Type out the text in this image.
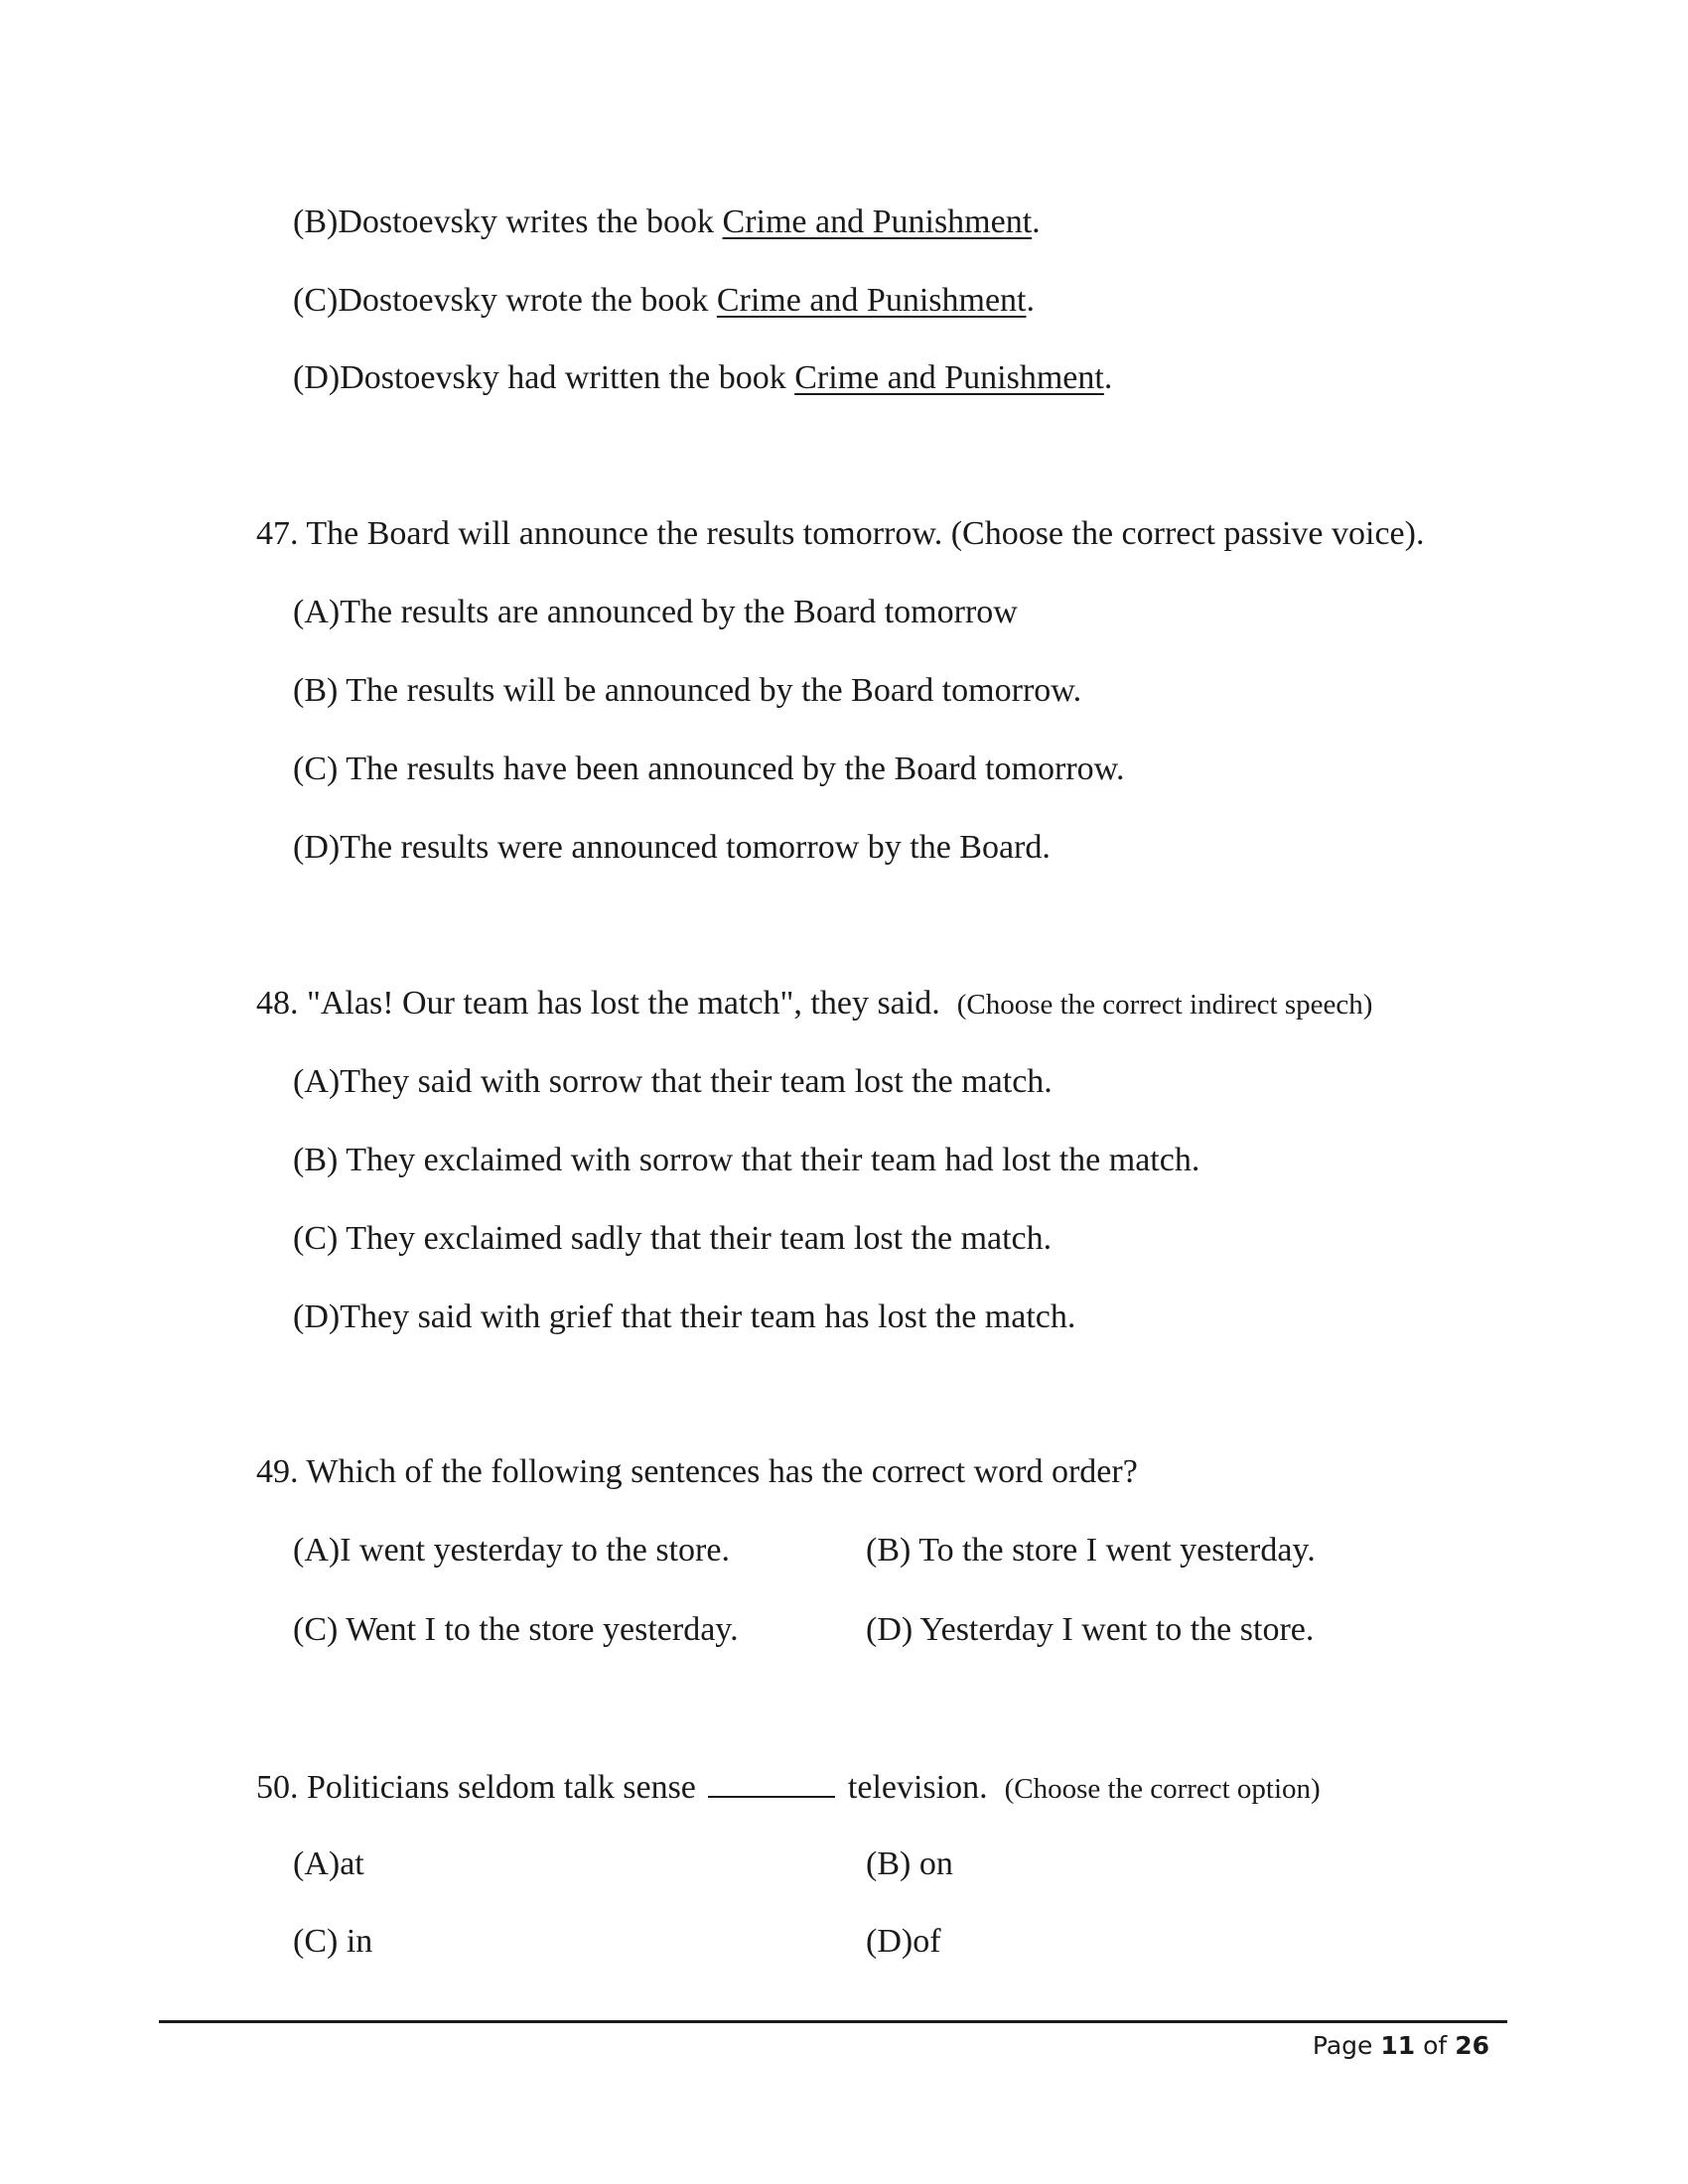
(B)Dostoevsky writes the book Crime and Punishment.
(C)Dostoevsky wrote the book Crime and Punishment.
(D)Dostoevsky had written the book Crime and Punishment.
47. The Board will announce the results tomorrow. (Choose the correct passive voice).
(A)The results are announced by the Board tomorrow
(B) The results will be announced by the Board tomorrow.
(C) The results have been announced by the Board tomorrow.
(D)The results were announced tomorrow by the Board.
48. "Alas! Our team has lost the match", they said. (Choose the correct indirect speech)
(A)They said with sorrow that their team lost the match.
(B) They exclaimed with sorrow that their team had lost the match.
(C) They exclaimed sadly that their team lost the match.
(D)They said with grief that their team has lost the match.
49. Which of the following sentences has the correct word order?
(A)I went yesterday to the store.	(B) To the store I went yesterday.
(C) Went I to the store yesterday.	(D) Yesterday I went to the store.
50. Politicians seldom talk sense	television. (Choose the correct option)
(A)at	(B) on
(C) in	(D)of
Page 11 of 26
